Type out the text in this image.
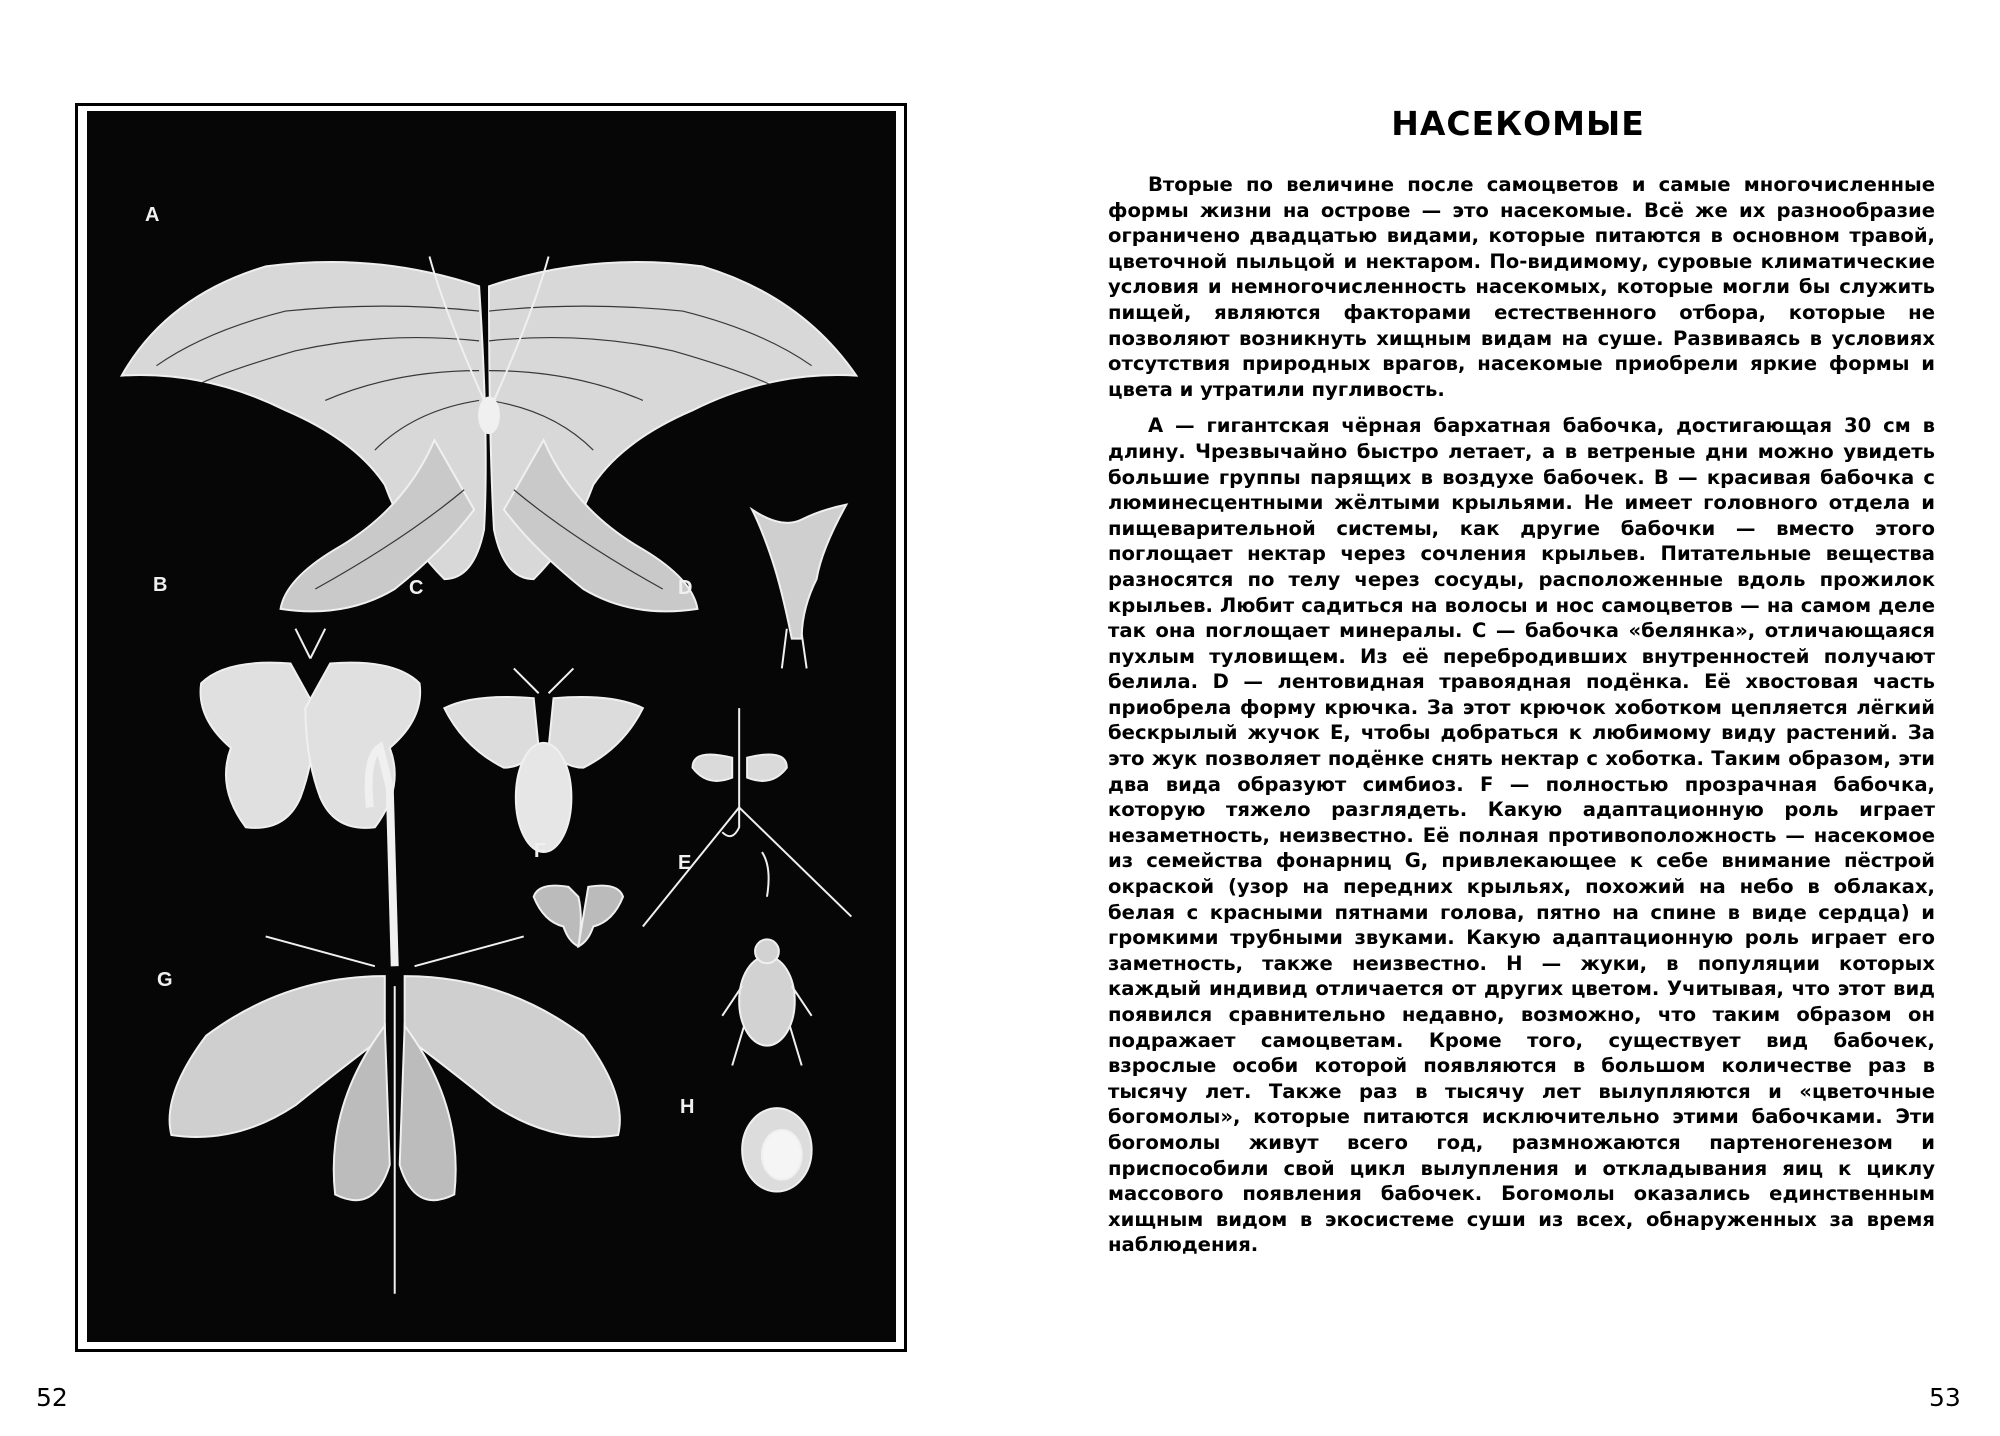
A
B	C	D
F
E
G
H
52
НАСЕКОМЫЕ

Вторые по величине после самоцветов и самые многочисленные формы жизни на острове — это насекомые. Всё же их разнообразие ограничено двадцатью видами, которые питаются в основном травой, цветочной пыльцой и нектаром. По-видимому, суровые климатические условия и немногочисленность насекомых, которые могли бы служить пищей, являются факторами естественного отбора, которые не позволяют возникнуть хищным видам на суше. Развиваясь в условиях отсутствия природных врагов, насекомые приобрели яркие формы и цвета и утратили пугливость.

A — гигантская чёрная бархатная бабочка, достигающая 30 см в длину. Чрезвычайно быстро летает, а в ветреные дни можно увидеть большие группы парящих в воздухе бабочек. B — красивая бабочка с люминесцентными жёлтыми крыльями. Не имеет головного отдела и пищеварительной системы, как другие бабочки — вместо этого поглощает нектар через сочления крыльев. Питательные вещества разносятся по телу через сосуды, расположенные вдоль прожилок крыльев. Любит садиться на волосы и нос самоцветов — на самом деле так она поглощает минералы. C — бабочка «белянка», отличающаяся пухлым туловищем. Из её перебродивших внутренностей получают белила. D — лентовидная травоядная подёнка. Её хвостовая часть приобрела форму крючка. За этот крючок хоботком цепляется лёгкий бескрылый жучок E, чтобы добраться к любимому виду растений. За это жук позволяет подёнке снять нектар с хоботка. Таким образом, эти два вида образуют симбиоз. F — полностью прозрачная бабочка, которую тяжело разглядеть. Какую адаптационную роль играет незаметность, неизвестно. Её полная противоположность — насекомое из семейства фонарниц G, привлекающее к себе внимание пёстрой окраской (узор на передних крыльях, похожий на небо в облаках, белая с красными пятнами голова, пятно на спине в виде сердца) и громкими трубными звуками. Какую адаптационную роль играет его заметность, также неизвестно. H — жуки, в популяции которых каждый индивид отличается от других цветом. Учитывая, что этот вид появился сравнительно недавно, возможно, что таким образом он подражает самоцветам. Кроме того, существует вид бабочек, взрослые особи которой появляются в большом количестве раз в тысячу лет. Также раз в тысячу лет вылупляются и «цветочные богомолы», которые питаются исключительно этими бабочками. Эти богомолы живут всего год, размножаются партеногенезом и приспособили свой цикл вылупления и откладывания яиц к циклу массового появления бабочек. Богомолы оказались единственным хищным видом в экосистеме суши из всех, обнаруженных за время наблюдения.

53
